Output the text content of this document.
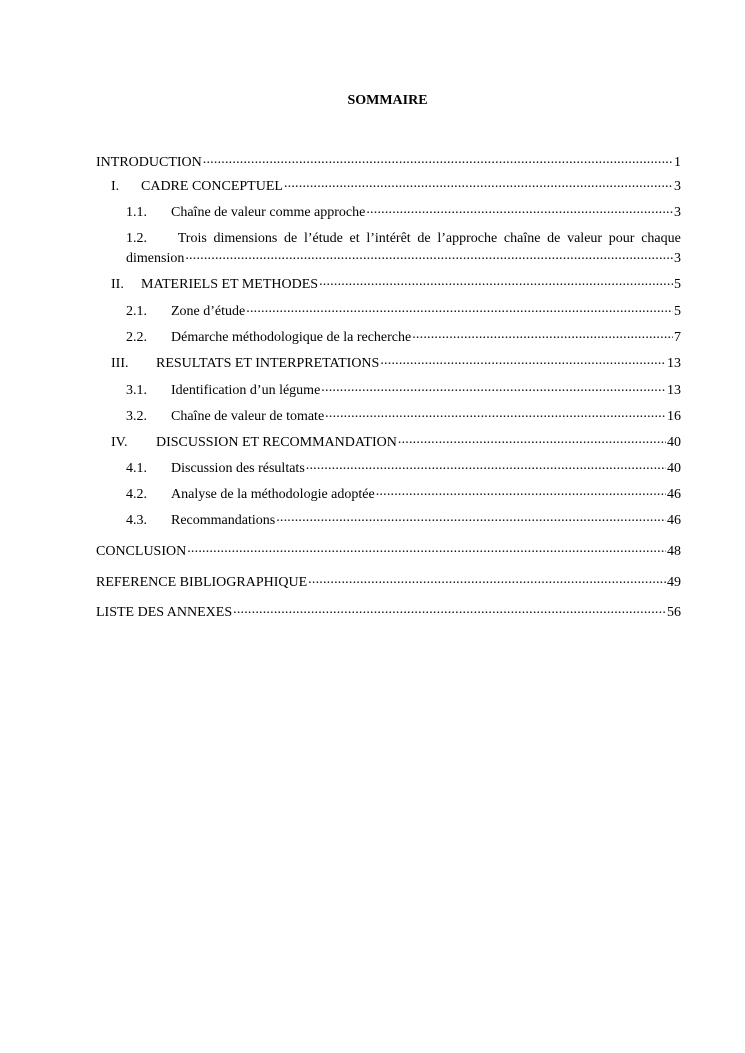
SOMMAIRE
INTRODUCTION .....	1
I.	CADRE CONCEPTUEL .....	3
1.1.	Chaîne de valeur comme approche .....	3
1.2.	Trois dimensions de l’étude et l’intérêt de l’approche chaîne de valeur pour chaque
dimension .....	3
II.	MATERIELS ET METHODES .....	5
2.1.	Zone d’étude .....	5
2.2.	Démarche méthodologique de la recherche .....	7
III.	RESULTATS ET INTERPRETATIONS .....	13
3.1.	Identification d’un légume .....	13
3.2.	Chaîne de valeur de tomate .....	16
IV.	DISCUSSION ET RECOMMANDATION .....	40
4.1.	Discussion des résultats .....	40
4.2.	Analyse de la méthodologie adoptée .....	46
4.3.	Recommandations .....	46
CONCLUSION .....	48
REFERENCE BIBLIOGRAPHIQUE .....	49
LISTE DES ANNEXES .....	56
